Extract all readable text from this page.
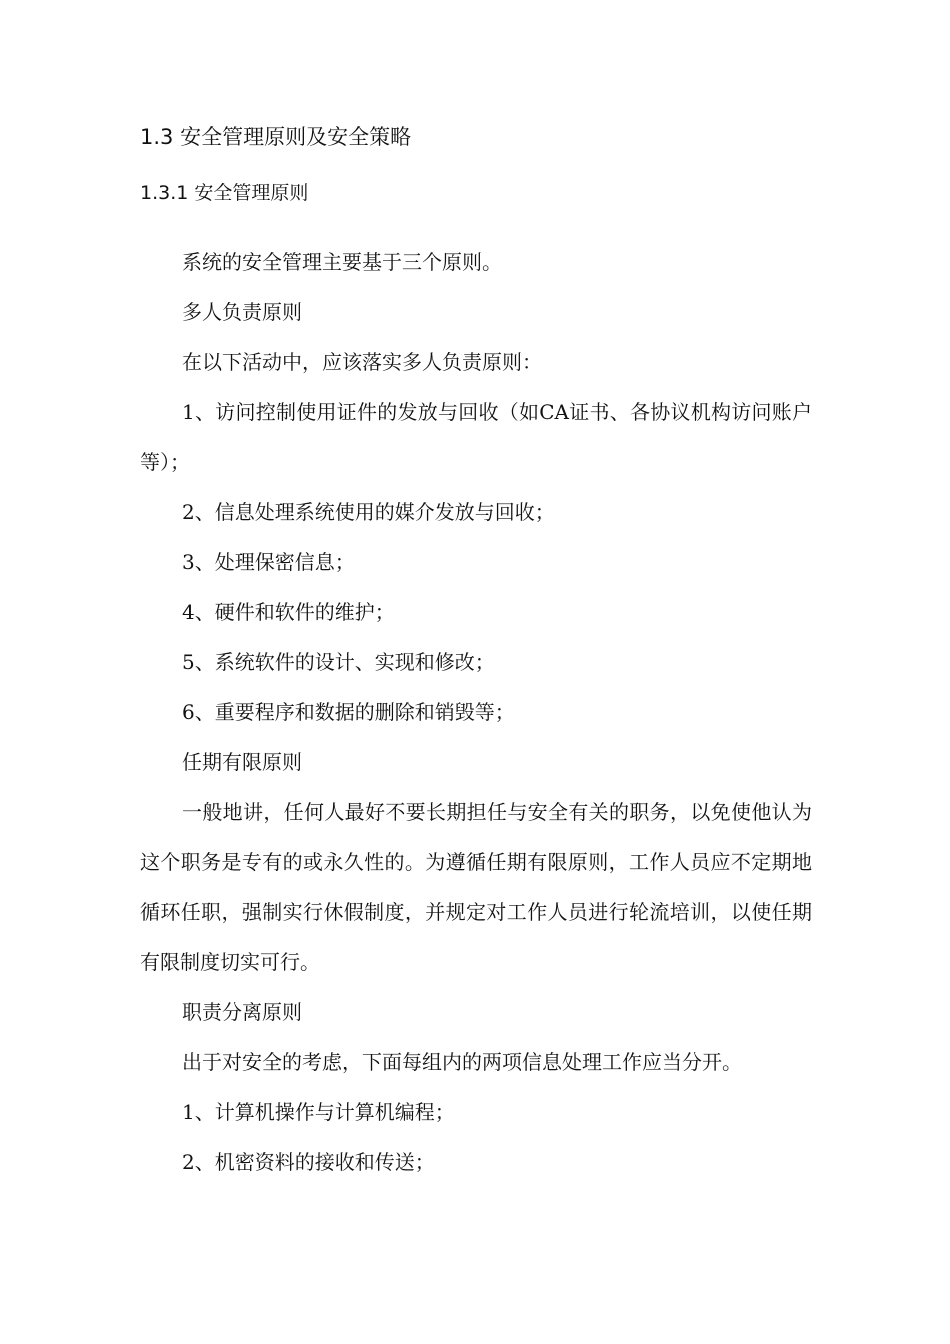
1.3 安全管理原则及安全策略
1.3.1 安全管理原则

系统的安全管理主要基于三个原则。

多人负责原则

在以下活动中，应该落实多人负责原则：

1、访问控制使用证件的发放与回收（如CA证书、各协议机构访问账户等）；

2、信息处理系统使用的媒介发放与回收；

3、处理保密信息；

4、硬件和软件的维护；

5、系统软件的设计、实现和修改；

6、重要程序和数据的删除和销毁等；

任期有限原则

一般地讲，任何人最好不要长期担任与安全有关的职务，以免使他认为这个职务是专有的或永久性的。为遵循任期有限原则，工作人员应不定期地循环任职，强制实行休假制度，并规定对工作人员进行轮流培训，以使任期有限制度切实可行。

职责分离原则

出于对安全的考虑，下面每组内的两项信息处理工作应当分开。

1、计算机操作与计算机编程；

2、机密资料的接收和传送；
